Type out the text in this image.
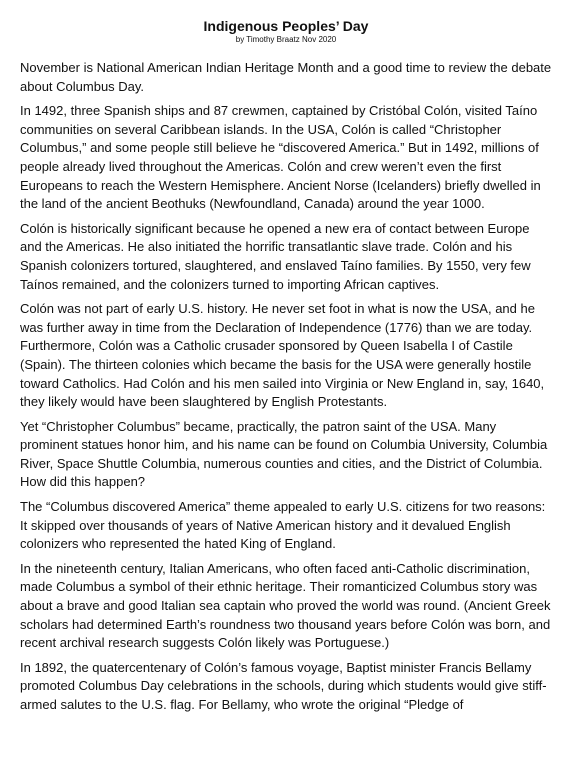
Indigenous Peoples’ Day
by Timothy Braatz Nov 2020

November is National American Indian Heritage Month and a good time to review the debate about Columbus Day.

In 1492, three Spanish ships and 87 crewmen, captained by Cristóbal Colón, visited Taíno communities on several Caribbean islands. In the USA, Colón is called “Christopher Columbus,” and some people still believe he “discovered America.” But in 1492, millions of people already lived throughout the Americas. Colón and crew weren’t even the first Europeans to reach the Western Hemisphere. Ancient Norse (Icelanders) briefly dwelled in the land of the ancient Beothuks (Newfoundland, Canada) around the year 1000.

Colón is historically significant because he opened a new era of contact between Europe and the Americas. He also initiated the horrific transatlantic slave trade. Colón and his Spanish colonizers tortured, slaughtered, and enslaved Taíno families. By 1550, very few Taínos remained, and the colonizers turned to importing African captives.

Colón was not part of early U.S. history. He never set foot in what is now the USA, and he was further away in time from the Declaration of Independence (1776) than we are today. Furthermore, Colón was a Catholic crusader sponsored by Queen Isabella I of Castile (Spain). The thirteen colonies which became the basis for the USA were generally hostile toward Catholics. Had Colón and his men sailed into Virginia or New England in, say, 1640, they likely would have been slaughtered by English Protestants.

Yet “Christopher Columbus” became, practically, the patron saint of the USA. Many prominent statues honor him, and his name can be found on Columbia University, Columbia River, Space Shuttle Columbia, numerous counties and cities, and the District of Columbia. How did this happen?

The “Columbus discovered America” theme appealed to early U.S. citizens for two reasons: It skipped over thousands of years of Native American history and it devalued English colonizers who represented the hated King of England.

In the nineteenth century, Italian Americans, who often faced anti-Catholic discrimination, made Columbus a symbol of their ethnic heritage. Their romanticized Columbus story was about a brave and good Italian sea captain who proved the world was round. (Ancient Greek scholars had determined Earth’s roundness two thousand years before Colón was born, and recent archival research suggests Colón likely was Portuguese.)

In 1892, the quatercentenary of Colón’s famous voyage, Baptist minister Francis Bellamy promoted Columbus Day celebrations in the schools, during which students would give stiff-armed salutes to the U.S. flag. For Bellamy, who wrote the original “Pledge of
